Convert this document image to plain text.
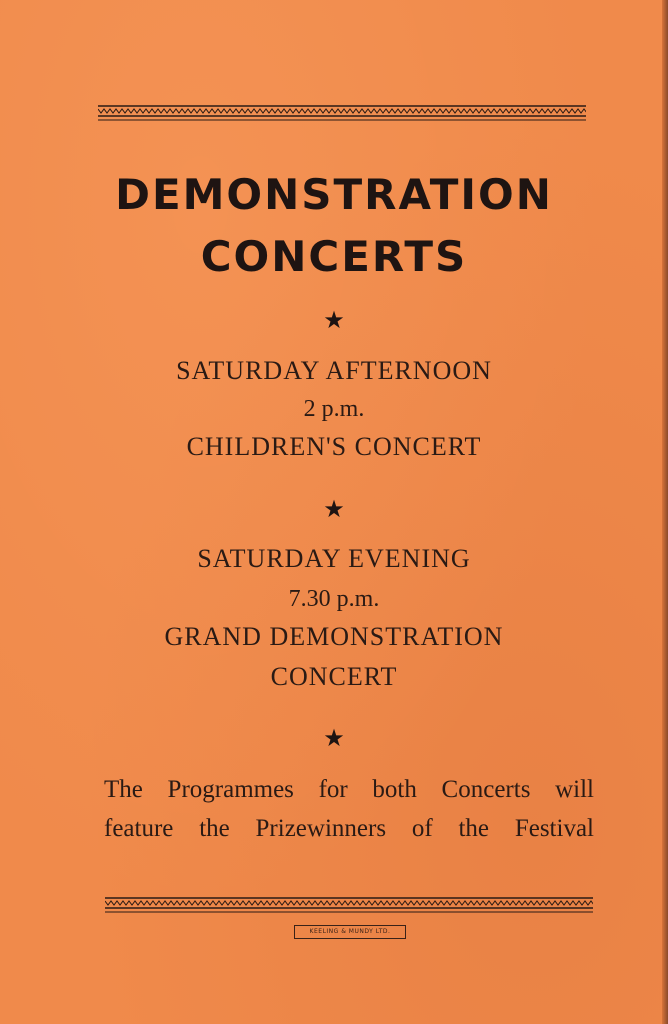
DEMONSTRATION
CONCERTS
★
SATURDAY AFTERNOON
2 p.m.
CHILDREN'S CONCERT
★
SATURDAY EVENING
7.30 p.m.
GRAND DEMONSTRATION
CONCERT
★
The Programmes for both Concerts will
feature the Prizewinners of the Festival
KEELING & MUNDY LTD.
